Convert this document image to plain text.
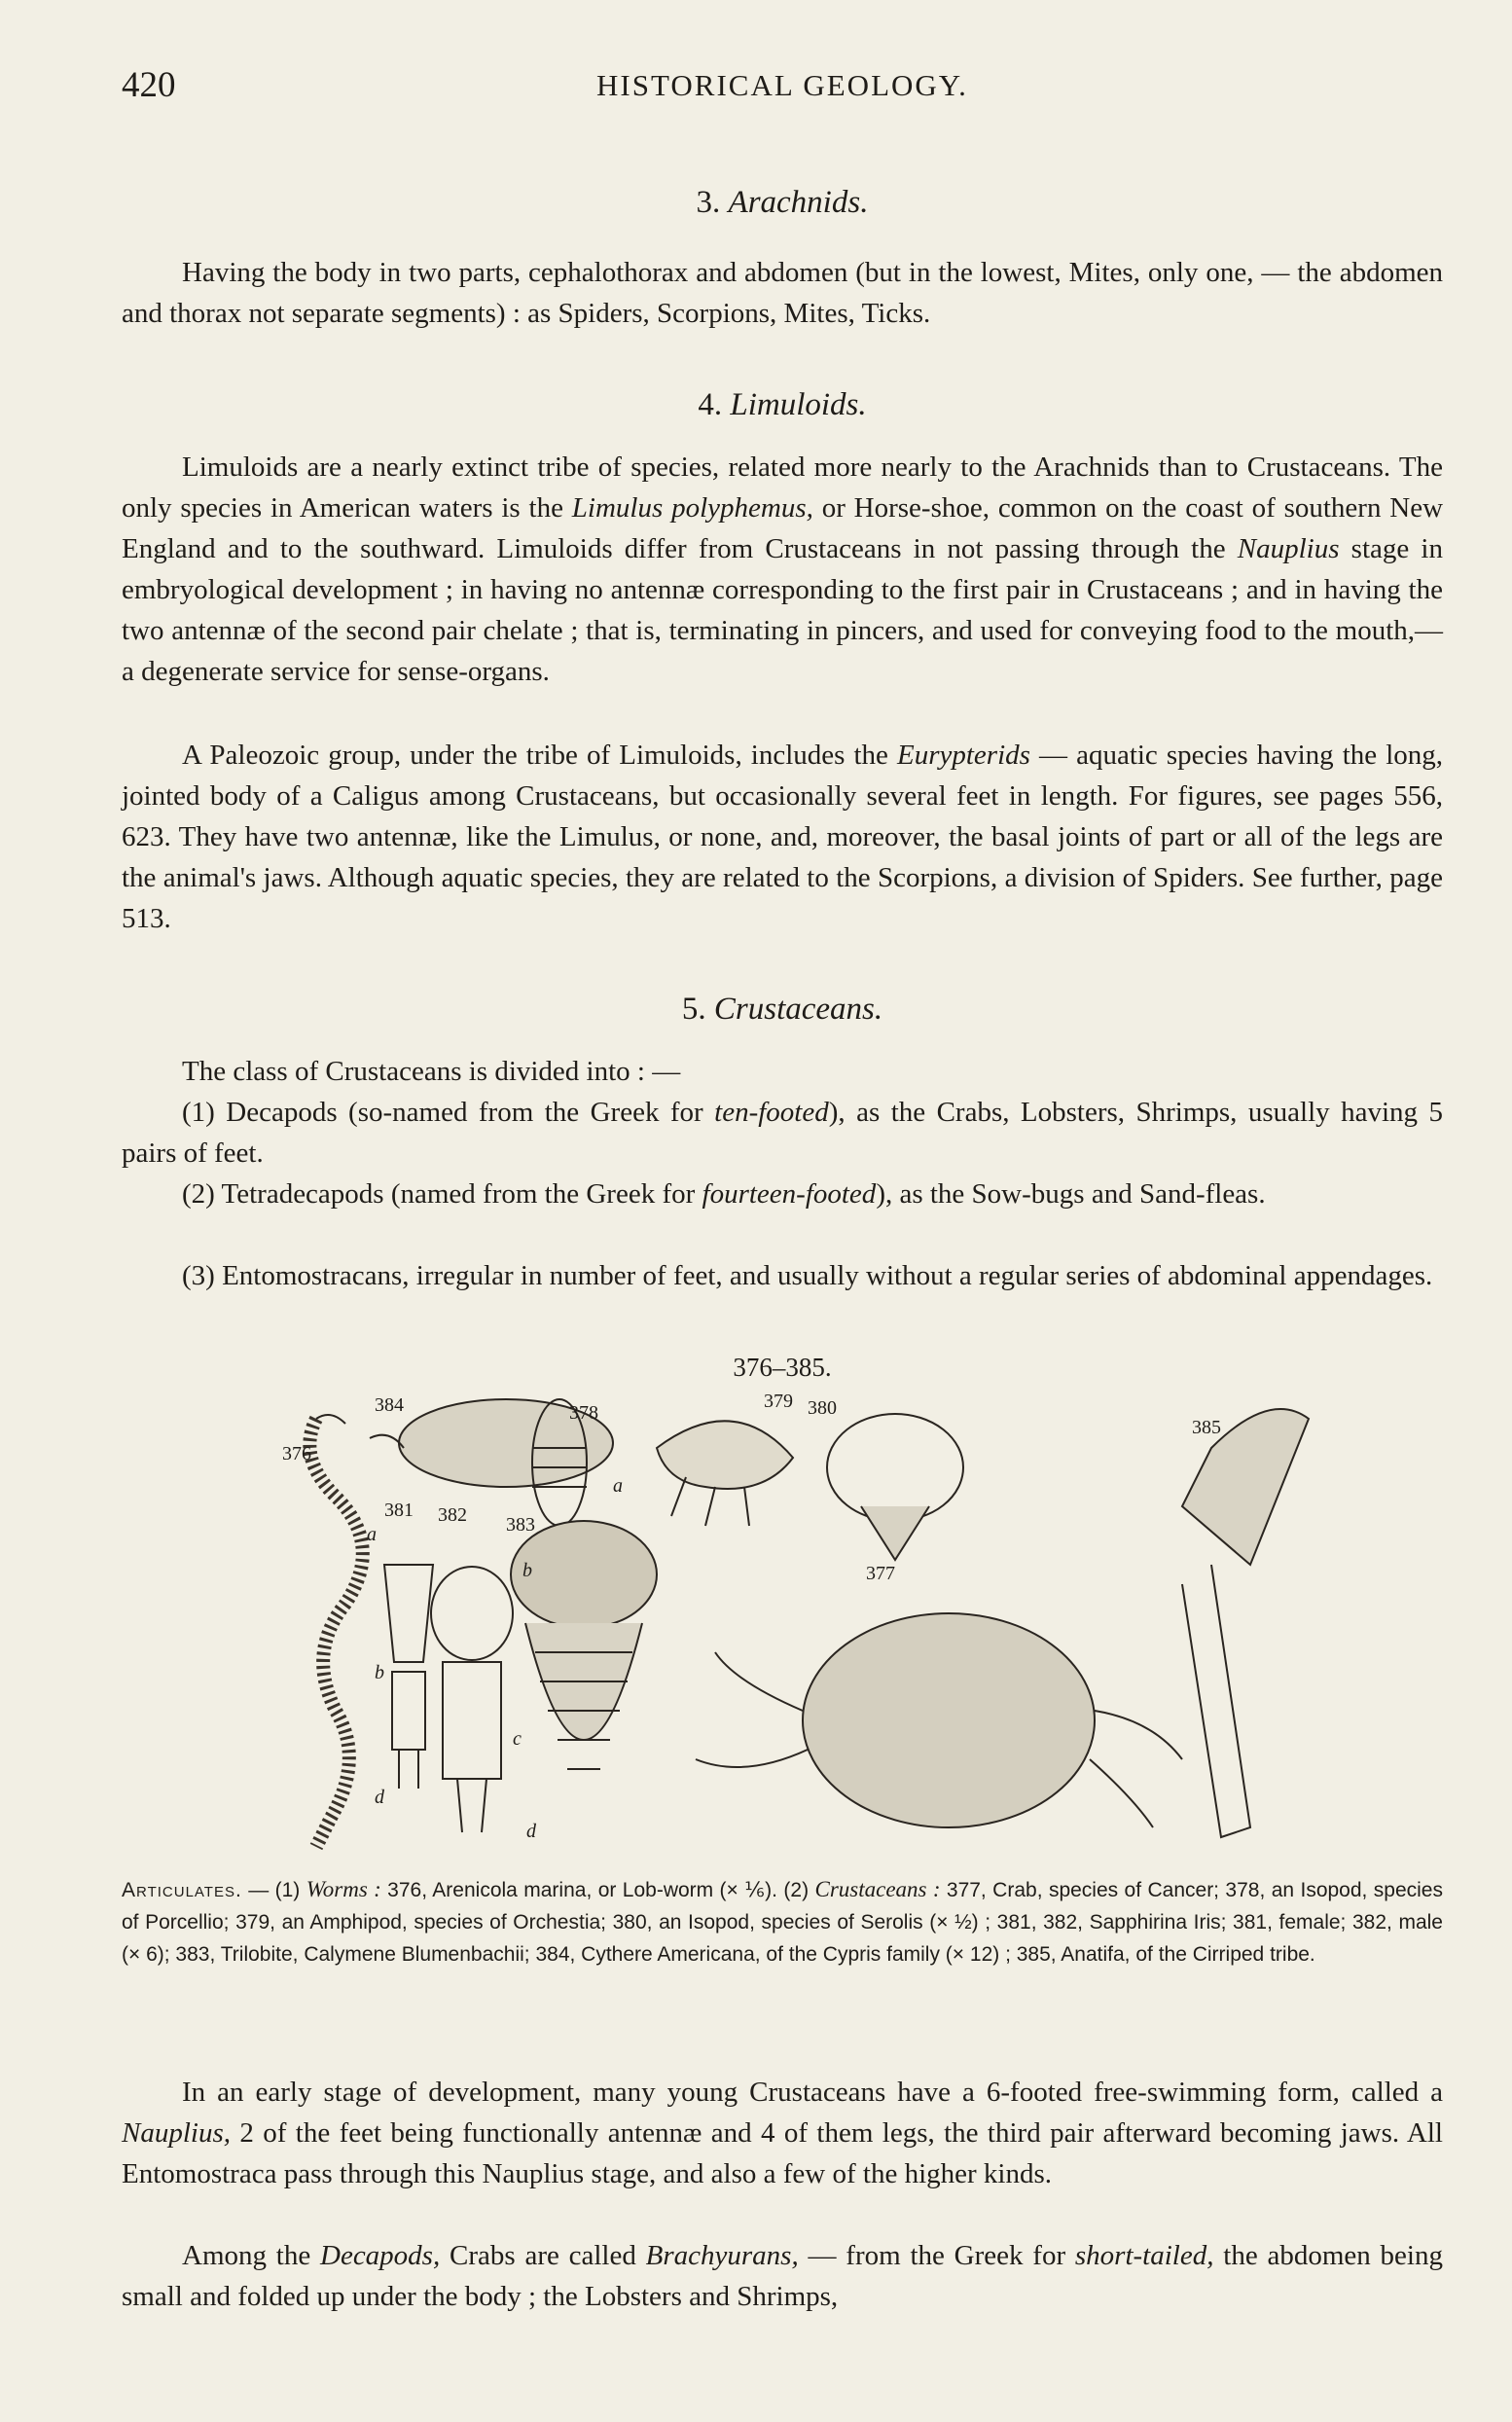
420	HISTORICAL GEOLOGY.
3. Arachnids.

Having the body in two parts, cephalothorax and abdomen (but in the lowest, Mites, only one, — the abdomen and thorax not separate segments) : as Spiders, Scorpions, Mites, Ticks.

4. Limuloids.

Limuloids are a nearly extinct tribe of species, related more nearly to the Arachnids than to Crustaceans. The only species in American waters is the Limulus polyphemus, or Horse-shoe, common on the coast of southern New England and to the southward. Limuloids differ from Crustaceans in not passing through the Nauplius stage in embryological development ; in having no antennæ corresponding to the first pair in Crustaceans ; and in having the two antennæ of the second pair chelate ; that is, terminating in pincers, and used for conveying food to the mouth,— a degenerate service for sense-organs.

A Paleozoic group, under the tribe of Limuloids, includes the Eurypterids — aquatic species having the long, jointed body of a Caligus among Crustaceans, but occasionally several feet in length. For figures, see pages 556, 623. They have two antennæ, like the Limulus, or none, and, moreover, the basal joints of part or all of the legs are the animal's jaws. Although aquatic species, they are related to the Scorpions, a division of Spiders. See further, page 513.

5. Crustaceans.

The class of Crustaceans is divided into : —

(1) Decapods (so-named from the Greek for ten-footed), as the Crabs, Lobsters, Shrimps, usually having 5 pairs of feet.

(2) Tetradecapods (named from the Greek for fourteen-footed), as the Sow-bugs and Sand-fleas.

(3) Entomostracans, irregular in number of feet, and usually without a regular series of abdominal appendages.

376–385.
384
376
378
379 380
385
381 382 383
377
a
a
b
b
c
d
d

Articulates. — (1) Worms : 376, Arenicola marina, or Lob-worm (× ⅙). (2) Crustaceans : 377, Crab, species of Cancer; 378, an Isopod, species of Porcellio; 379, an Amphipod, species of Orchestia; 380, an Isopod, species of Serolis (× ½) ; 381, 382, Sapphirina Iris; 381, female; 382, male (× 6); 383, Trilobite, Calymene Blumenbachii; 384, Cythere Americana, of the Cypris family (× 12) ; 385, Anatifa, of the Cirriped tribe.

In an early stage of development, many young Crustaceans have a 6-footed free-swimming form, called a Nauplius, 2 of the feet being functionally antennæ and 4 of them legs, the third pair afterward becoming jaws. All Entomostraca pass through this Nauplius stage, and also a few of the higher kinds.

Among the Decapods, Crabs are called Brachyurans, — from the Greek for short-tailed, the abdomen being small and folded up under the body ; the Lobsters and Shrimps,
